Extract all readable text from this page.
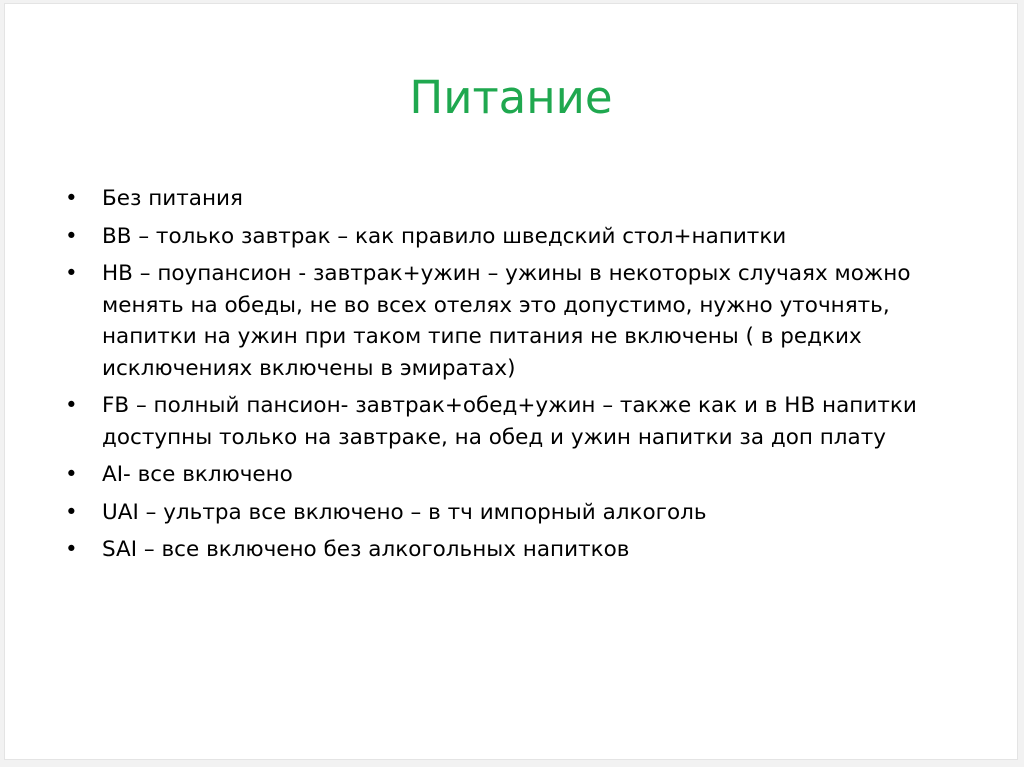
Питание
• Без питания
• BB – только завтрак – как правило шведский стол+напитки
• HB – поупансион - завтрак+ужин – ужины в некоторых случаях можно менять на обеды, не во всех отелях это допустимо, нужно уточнять, напитки на ужин при таком типе питания не включены ( в редких исключениях включены в эмиратах)
• FB – полный пансион- завтрак+обед+ужин – также как и в HB напитки доступны только на завтраке, на обед и ужин напитки за доп плату
• AI- все включено
• UAI – ультра все включено – в тч импорный алкоголь
• SAI – все включено без алкогольных напитков
